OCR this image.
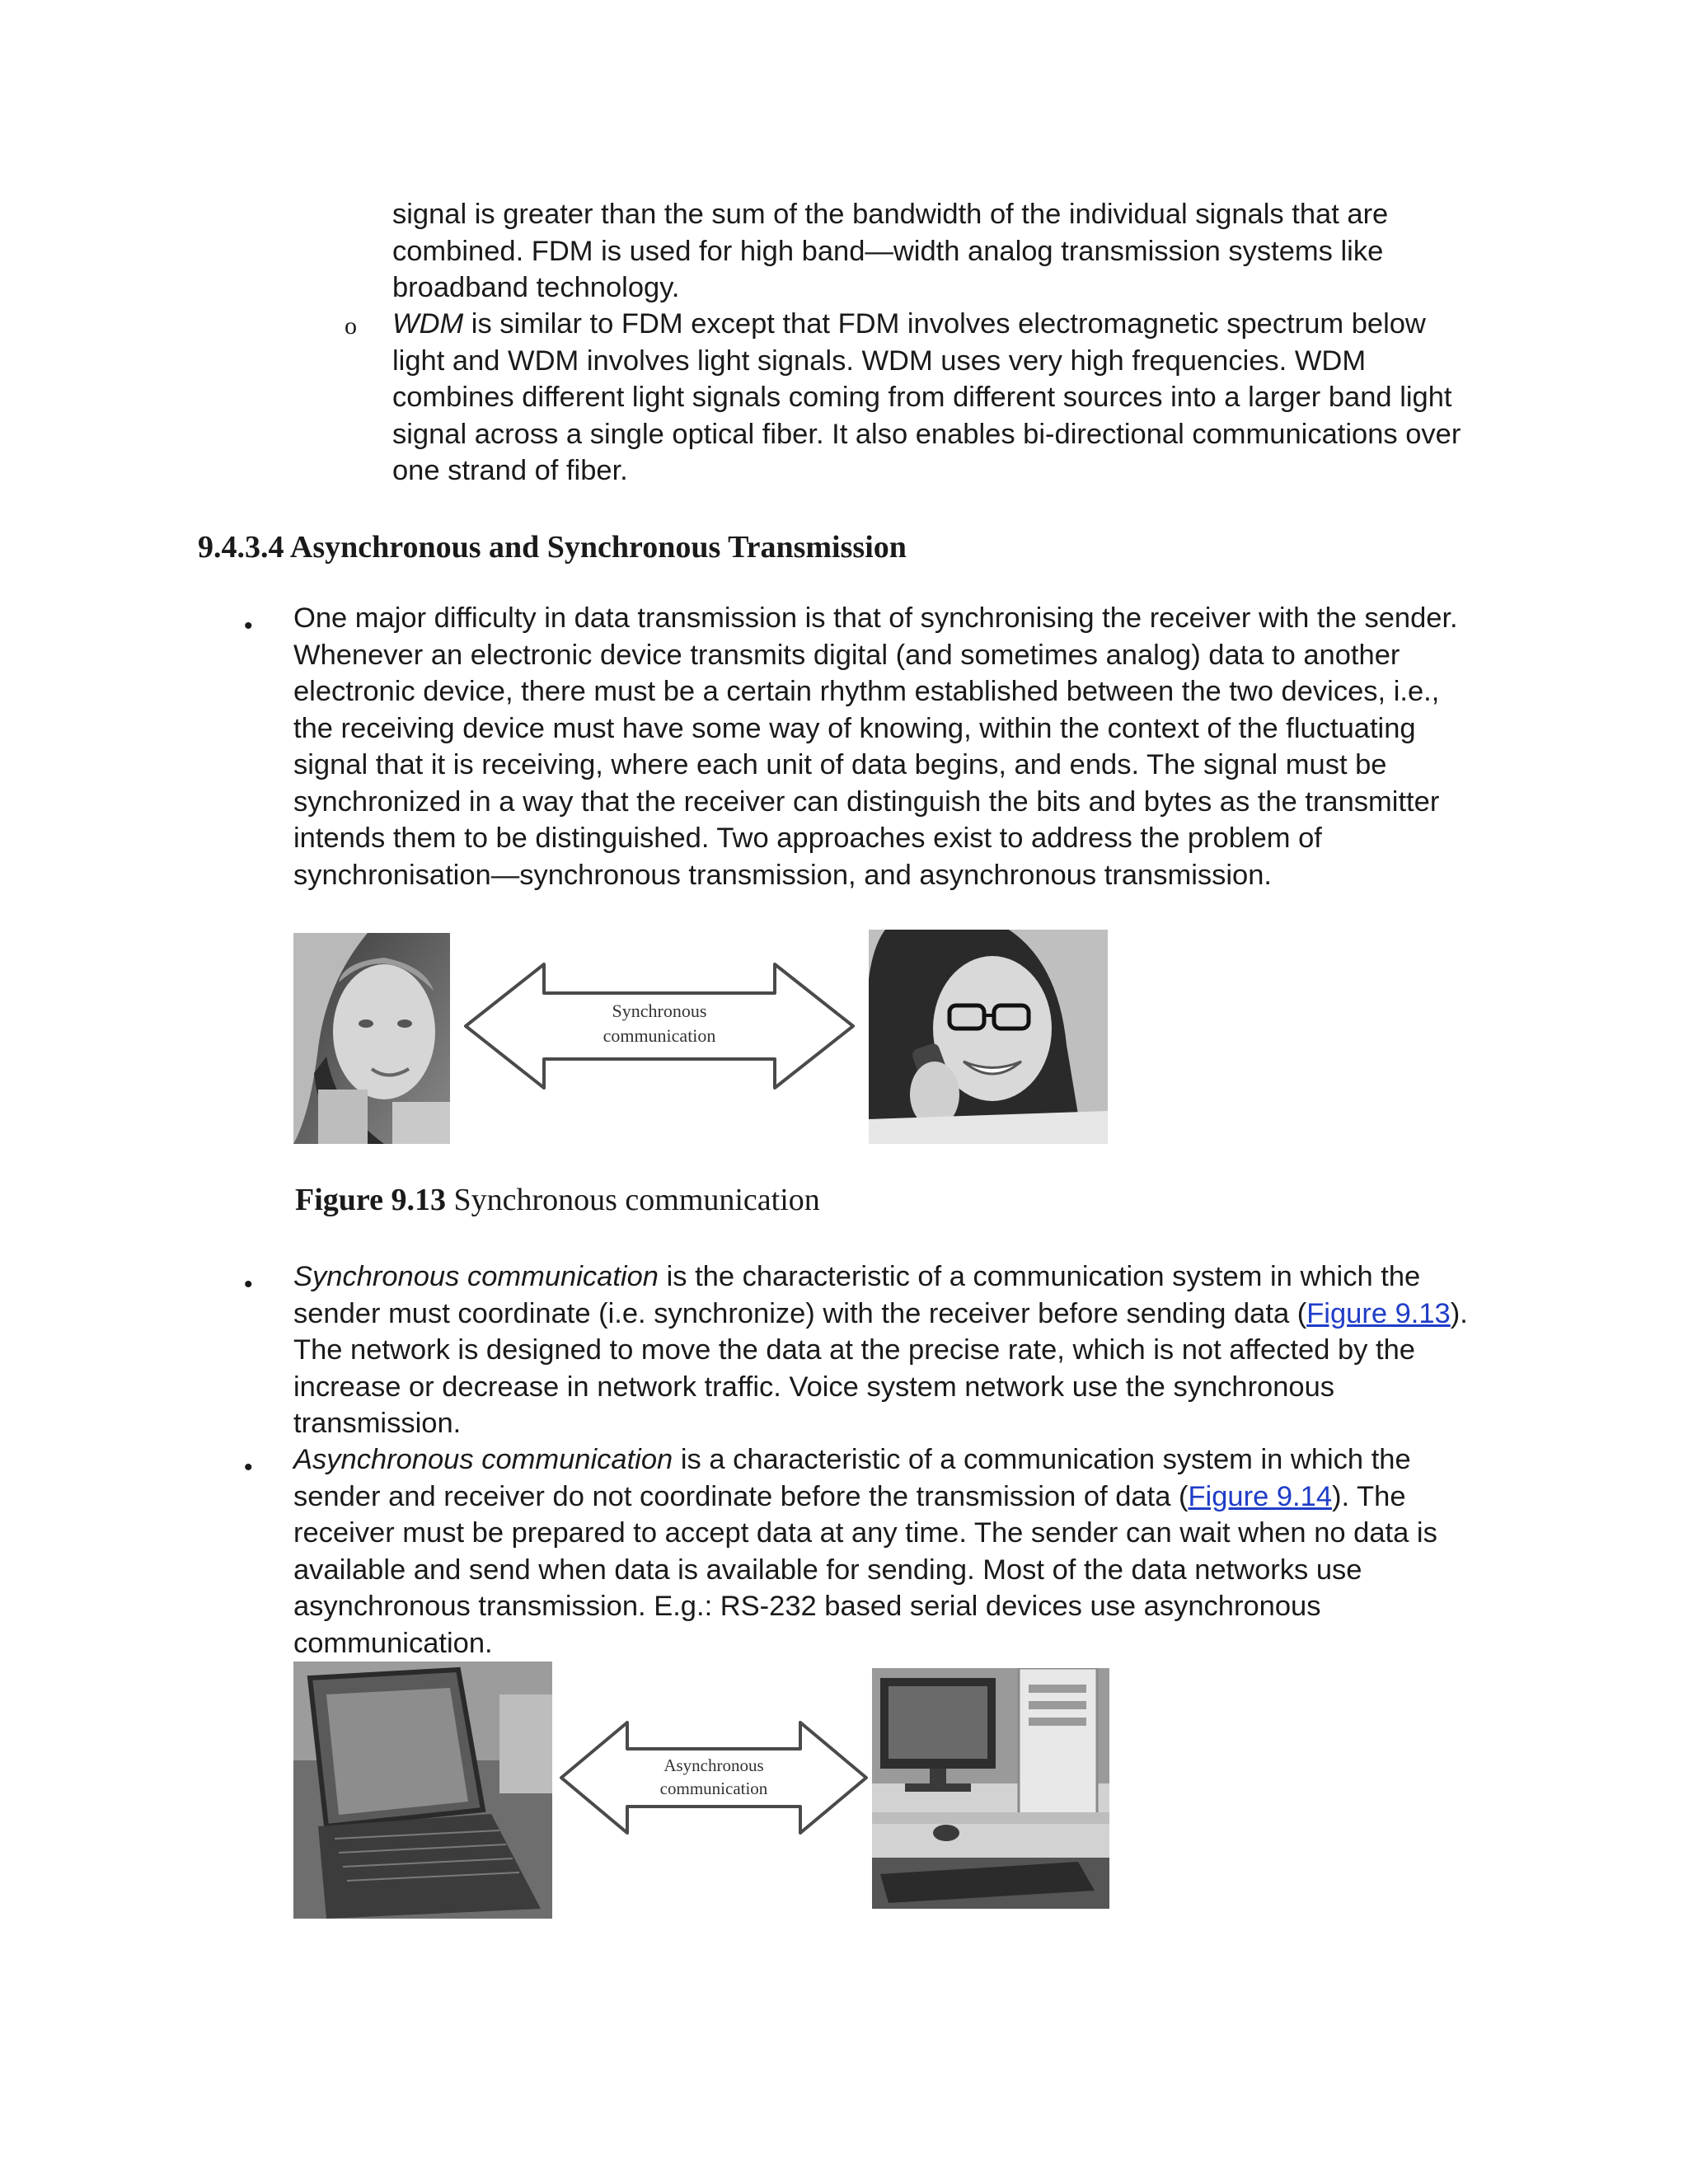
signal is greater than the sum of the bandwidth of the individual signals that are combined. FDM is used for high band—width analog transmission systems like broadband technology.

o WDM is similar to FDM except that FDM involves electromagnetic spectrum below light and WDM involves light signals. WDM uses very high frequencies. WDM combines different light signals coming from different sources into a larger band light signal across a single optical fiber. It also enables bi-directional communications over one strand of fiber.

9.4.3.4 Asynchronous and Synchronous Transmission
• One major difficulty in data transmission is that of synchronising the receiver with the sender. Whenever an electronic device transmits digital (and sometimes analog) data to another electronic device, there must be a certain rhythm established between the two devices, i.e., the receiving device must have some way of knowing, within the context of the fluctuating signal that it is receiving, where each unit of data begins, and ends. The signal must be synchronized in a way that the receiver can distinguish the bits and bytes as the transmitter intends them to be distinguished. Two approaches exist to address the problem of synchronisation—synchronous transmission, and asynchronous transmission.

Synchronous
communication
Figure 9.13 Synchronous communication
• Synchronous communication is the characteristic of a communication system in which the sender must coordinate (i.e. synchronize) with the receiver before sending data (Figure 9.13). The network is designed to move the data at the precise rate, which is not affected by the increase or decrease in network traffic. Voice system network use the synchronous transmission.

• Asynchronous communication is a characteristic of a communication system in which the sender and receiver do not coordinate before the transmission of data (Figure 9.14). The receiver must be prepared to accept data at any time. The sender can wait when no data is available and send when data is available for sending. Most of the data networks use asynchronous transmission. E.g.: RS-232 based serial devices use asynchronous communication.

Asynchronous
communication
